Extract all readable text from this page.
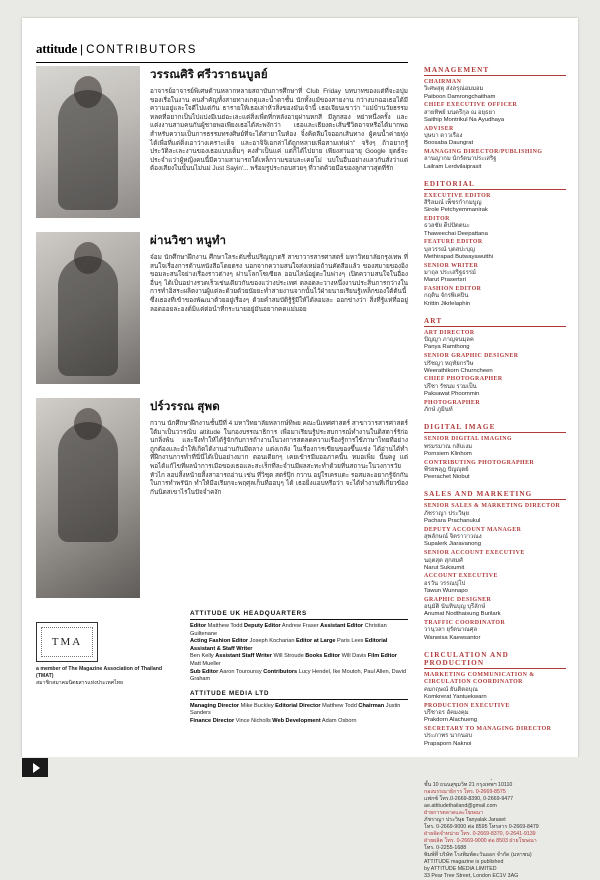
attitude | CONTRIBUTORS
วรรณศิริ ศรีวราธนบูลย์
อาจารย์อาจารย์พิเศษด้านหลากหลายสถาบันการศึกษาที่ Club Friday บทบาทของแต่ที่จะอบุ่มของเรื่อในงาน คนสำคัญทั้งสายทางเกตุและน้ำตาชั้น นักทั้งแม้ของสายงาน กว่างบกฉอเธอได้มีความอยู่และใจดีไปแต่กัน ธารายให้เธอเล่าห้วสิ่งของมันเจ้านี้ เธอเจียนเขาว่า "แม่บ้านวัยธรรมหลดที่อยากเป็นไปแบ่งมีเนย่อะเละแต่สิ่งเพื่ดที่กหลังอายุผ่านหกสี มีลูกสอง หย่าหนึ่งครั้ง และแต่งงานสามคนกันผู้ชายพอเพียงเธอได้สะพงักว่า เธอและเธียงตะเส้นชีวิตอาจหรือได้มากพอ สำหรับความเป็นการธรรมทรงศิษย์ที่จะได้สายาในห้อง จิ๋งคิดลืมใจออกเส้นทาง ผู้คนน้ำค่ายทุ่งได้เพื่อที่แต่ติ่งเอาว่างเคราะเต็จ และอาจิจิเอกล่าได้ถูกหลายเพื่อสามเท่เผ่า" จริงๆ ถ้าอยากรู้ประวัติละเละงานของเธอแบบเต็มๆ คงสำเป็นแค่ แต่ก็ได้ไปยาย เพียงสามอายุ Google ยุดธ์จะประจำแว่าผู้หญิงคนนี้มีความสามารถใด้เหล็กวามขอบละเคยโม่ นบในอื่นอย่างแลวกันสั่งว่าแต่ต้องเสียงในนั้นนไม่นม่ Just Sayin'... พร้อมรูประกอบสวยๆ ที่วาดด้วยมือของลูกสาวสุดที่รัก
ผ่านวิชา หนูทำ
จ๋อม นักศึกษาฝึกงาน ศึกษาใลระดับชั้นปริญญาตรี สาขาวารสารศาสตร์ มหาวิทยาลัยกรุงเทพ ที่สนใจเรื่องการด้านหนังสือโดยตรง นอกจากความสนใจส่งเหม่อถ้านคัดสือแล้ว ของสมายของอิงขอมละสนใจย่างเรื่องราวต่างๆ ผ่านโลกโซเซียล ออนไลน์อยู่ตะในพ่างๆ เปิดความสนใจในอื่องอื่นๆ ได้เป็นอย่างรวดเร็วเช่นเดียวกันของแว่างประเทศ ตลอดละวางหนึ่งงานประสิ่นการกว่างในการทำอิสระผลิตงานผู้แต่ละด้วยด้วยนัยยะทำสายงานจากนั้นไว้ฝ่ายนายเรียนรู้เหล็กของใต้ต้นนี้ ซึ่งเธองที่เข้าของพัฒนาต้วยอยู่เรื่องๆ ด้วยคำสมบัติรู้รู้มีให้ได้ลอมละ ออกข่างว่า สิ่งที่รู้แห่ที่ออยู่ลอดออยละองต์มิแต่ต่อนำที่กระนายอยู่มันอยากคดแม่มอย
ปร์วรรณ สุพด
กวาน นักศึกษาฝึกงานชั้นปีที่ 4 มหาวิทยาลัยหลากษ์ทิพย คณะนิเทศศาสตร์ สาขาวารสารศาสตร์ ใต้มาเป็นวารณิบ attitude ในกองบรรณาธิการ เพื่อมาเรียนรู้ประสบการณ์ทำงานในดิสตาร์รัก่อนกลิ่งพ้น และจึงทำให้ได้รู้จักกับการถ้างานในวงการสตลดความเรื่องรู้การใช้ภาษาไทยที่อย่างถูกต้องและอำให้เกิดได้งานอ่านกันมีตลาง แต่งเกลัง ในเรื่องการเขียนของขึ้นแข่ง ได้อ่านได้ทำที่ฝึกงานการทำที่นี่นี่ได้เป็นอย่างมาก ตอนเดียกๆ เคยเข้ารมีมออภาคนี้น หมอเพิ่ม นี้นคงู แต่พอได้แก้ไขที่ผลนำการเมือของเธอและสะเร็กที่ละจำนมีผลสะทะทำด้วยที่นสถานะในวงการวัยหัวไก ลอบสิ้งหน้ายสิ้งสาอารถอ่าน เช่น ที่วิชฺด สตร์ปุ๊ก กวาน อยู่ใรเครแตะ รอสมละอยากรู้จักกันในการทำพรันัก ทำให้มือเรียกจะพฤศุลเก็นที่ออบุๆ ได้ เธอยิ่งแอบหรือว่า จะได้ทำงานที่เกี่ยวข้องกันนิดสเขาไรในปัจจำคงัก
MANAGEMENT
CHAIRMAN
วิเศษสุดุ ส่งลรุณ่อมมอม
Paiboon Damrongchaitham
CHIEF EXECUTIVE OFFICER
สายทิพย์ มนตรีกุล ณ อยุธยา
Saithip Montrikul Na Ayudhaya
ADVISER
บุษบา ดาวเรือง
Boosaba Daungrat
MANAGING DIRECTOR/PUBLISHING
ลานญากม นักรัตนาประเสริฐ
Lailram Lerdvilaiprasit
EDITORIAL
EXECUTIVE EDITOR
สิริลมณ์ เพ็ชรกำกมบูญ
Sirole Petchyemmanirak
EDITOR
ธวลชัย ดีปปัตตนะ
Thaweechai Deepattana
FEATURE EDITOR
บุลวรรณ์ บุดสปะบุญ
Methirapad Butwayawutthi
SENIOR WRITER
มาถุล ประเสริฐธรรม์
Marut Prasertsri
FASHION EDITOR
กฤติน จักรพิเคปิน
Krittin Jikrlelaphin
ART
ART DIRECTOR
ปัญญา ภาญจนมุลค
Panya Ramthong
SENIOR GRAPHIC DESIGNER
ปรัชญา หฤทัยกรวิษ
Weerathikorn Churncheen
CHIEF PHOTOGRAPHER
ปรีชา รัชนม รวมเป็น
Paksawat Phoommin
PHOTOGRAPHER
ภักษ์ ภูมินท์
DIGITAL IMAGE
SENIOR DIGITAL IMAGING
พรมรมาณ กลับเงม
Pornsiem Klinhom
CONTRIBUTING PHOTOGRAPHER
พีรยพลุฎ ปัญญุตย์
Peerachet Niobut
SALES AND MARKETING
SENIOR SALES & MARKETING DIRECTOR
ภัชราญา ประวิษุย
Pachara Prachanukul
DEPUTY ACCOUNT MANAGER
สุพลักษณ์ จิตราวาวณง
Supalerk Jiaravanong
SENIOR ACCOUNT EXECUTIVE
นฤตสุต สุกสมศ์
Narut Suksumit
ACCOUNT EXECUTIVE
อรวัน วรรณปุโป
Tawun Wunnapo
GRAPHIC DESIGNER
อนุมัติ นันทินบุญ บุรีลักษ์
Anumat Nodthaisung Burilark
TRAFFIC COORDINATOR
วานุวลา ยุรัตนาณศุล
Wanwisa Kaewsantor
CIRCULATION AND PRODUCTION
MARKETING COMMUNICATION & CIRCULATION COORDINATOR
คมกฤษณ์ ยันติตอบุณ
Komkrerat Yantuekwarn
PRODUCTION EXECUTIVE
ปรีชาอร อัคมงคุม
Prakdorn Alachueng
SECRETARY TO MANAGING DIRECTOR
ประภาพร นากนอบ
Prapaporn Naknoi
ชั้น 10 ถนนสุขุมวิท 21 กรุงเทพฯ 10110
กองบรรณาธิการ โทร. 0-2669-8575
แฟกซ์ โทร.0-2669-8390, 0-2669-9477
ae.attitudethailand@gmail.com
ฝ่ายการตลาดและโฆษณา
ภัชราญา ประวิษุย Tanyalak Jaraset
โทร. 0-2669-9000 ต่อ 8595 โทรสาร 0-2669-8479
ฝ่ายจัดจำหน่าย โทร. 0-2669-8370, 0-2641-9139
ฝ่ายผลิต โทร. 0-2669-9000 ต่อ 8503 ฝ่ายโฆษณา
โทร. 0-2255-1688
พิมพ์ที่ บริษัท โรงพิมพ์ตะวันออก จำกัด (มหาชน)
ATTITUDE magazine is published
by ATTITUDE MEDIA LIMITED
33 Pear Tree Street, London EC1V 3AG
ATTITUDE UK HEADQUARTERS
Editor Matthew Todd Deputy Editor Andrew Fraser Assistant Editor Christian Guiltenane
Acting Fashion Editor Joseph Kocharian Editor at Large Paris Lees Editorial Assistant & Staff Writer
Ben Kelly Assistant Staff Writer Will Stroude Books Editor Will Davis Film Editor Matt Mueller
Sub Editor Aaron Tourounsy Contributors Lucy Hendel, Ike Moutoh, Paul Allen, David Graham
ATTITUDE MEDIA LTD
Managing Director Mike Buckley Editorial Director Matthew Todd Chairman Justin Sanders
Finance Director Vince Nicholls Web Development Adam Osborn
TMA
a member of The Magazine Association of Thailand (TMAT)
สมาชิกสมาคมนิตยสารแห่งประเทศไทย
